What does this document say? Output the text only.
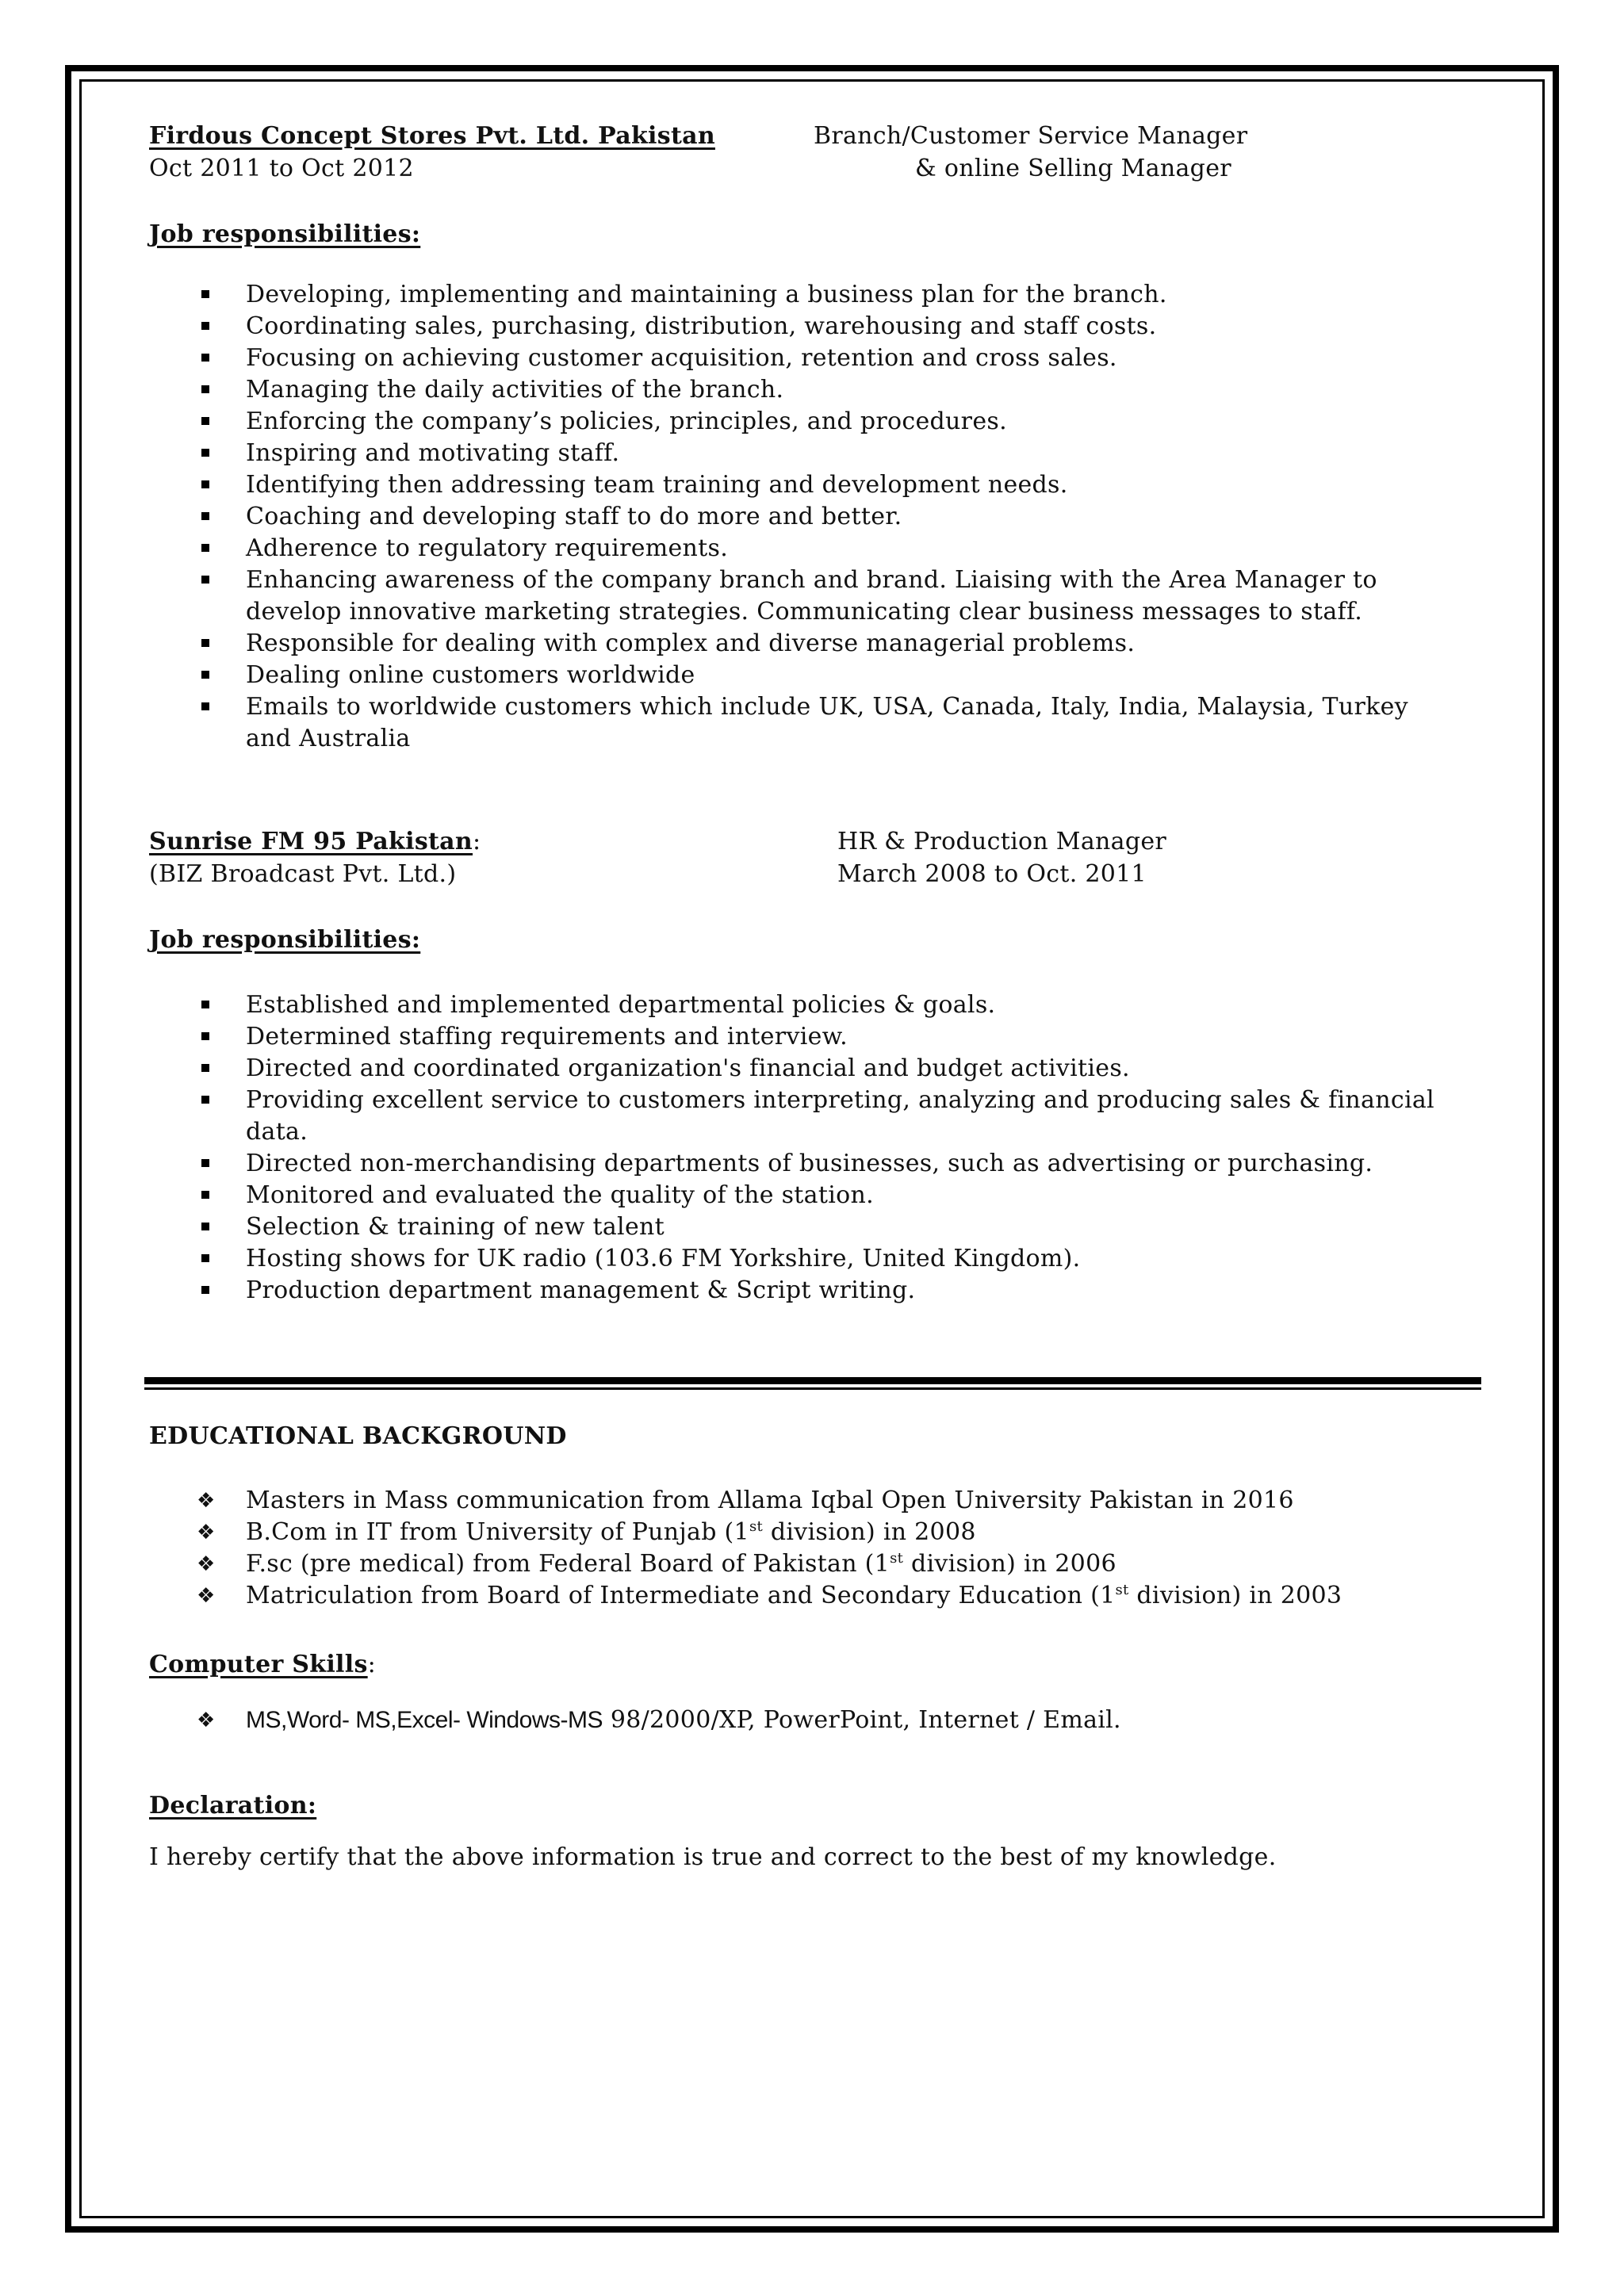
Firdous Concept Stores Pvt. Ltd. Pakistan	Branch/Customer Service Manager
Oct 2011 to Oct 2012	& online Selling Manager
Job responsibilities:
Developing, implementing and maintaining a business plan for the branch.
Coordinating sales, purchasing, distribution, warehousing and staff costs.
Focusing on achieving customer acquisition, retention and cross sales.
Managing the daily activities of the branch.
Enforcing the company’s policies, principles, and procedures.
Inspiring and motivating staff.
Identifying then addressing team training and development needs.
Coaching and developing staff to do more and better.
Adherence to regulatory requirements.
Enhancing awareness of the company branch and brand. Liaising with the Area Manager to develop innovative marketing strategies. Communicating clear business messages to staff.
Responsible for dealing with complex and diverse managerial problems.
Dealing online customers worldwide
Emails to worldwide customers which include UK, USA, Canada, Italy, India, Malaysia, Turkey and Australia
Sunrise FM 95 Pakistan:	HR & Production Manager
(BIZ Broadcast Pvt. Ltd.)	March 2008 to Oct. 2011
Job responsibilities:
Established and implemented departmental policies & goals.
Determined staffing requirements and interview.
Directed and coordinated organization's financial and budget activities.
Providing excellent service to customers interpreting, analyzing and producing sales & financial data.
Directed non-merchandising departments of businesses, such as advertising or purchasing.
Monitored and evaluated the quality of the station.
Selection & training of new talent
Hosting shows for UK radio (103.6 FM Yorkshire, United Kingdom).
Production department management & Script writing.
EDUCATIONAL BACKGROUND
❖ Masters in Mass communication from Allama Iqbal Open University Pakistan in 2016
❖ B.Com in IT from University of Punjab (1st division) in 2008
❖ F.sc (pre medical) from Federal Board of Pakistan (1st division) in 2006
❖ Matriculation from Board of Intermediate and Secondary Education (1st division) in 2003
Computer Skills:
❖ MS,Word- MS,Excel- Windows-MS 98/2000/XP, PowerPoint, Internet / Email.
Declaration:
I hereby certify that the above information is true and correct to the best of my knowledge.
